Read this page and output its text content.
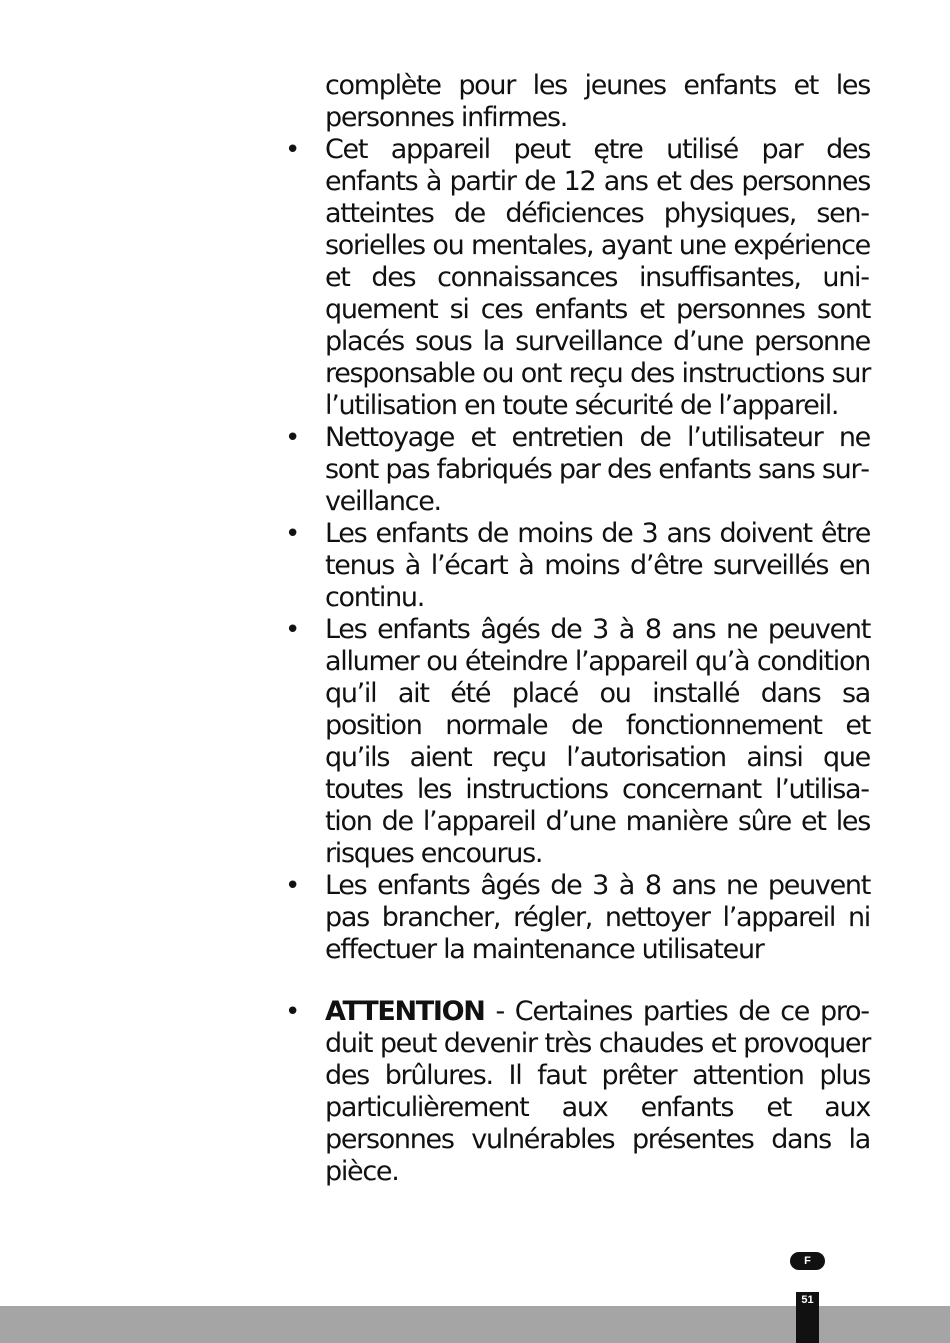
complète pour les jeunes enfants et les personnes infirmes.

• Cet appareil peut ętre utilisé par des enfants à partir de 12 ans et des personnes atteintes de déficiences physiques, sensorielles ou mentales, ayant une expérience et des connaissances insuffisantes, uniquement si ces enfants et personnes sont placés sous la surveillance d’une personne responsable ou ont reçu des instructions sur l’utilisation en toute sécurité de l’appareil.
• Nettoyage et entretien de l’utilisateur ne sont pas fabriqués par des enfants sans surveillance.
• Les enfants de moins de 3 ans doivent être tenus à l’écart à moins d’être surveillés en continu.
• Les enfants âgés de 3 à 8 ans ne peuvent allumer ou éteindre l’appareil qu’à condition qu’il ait été placé ou installé dans sa position normale de fonctionnement et qu’ils aient reçu l’autorisation ainsi que toutes les instructions concernant l’utilisation de l’appareil d’une manière sûre et les risques encourus.
• Les enfants âgés de 3 à 8 ans ne peuvent pas brancher, régler, nettoyer l’appareil ni effectuer la maintenance utilisateur
• ATTENTION - Certaines parties de ce produit peut devenir très chaudes et provoquer des brûlures. Il faut prêter attention plus particulièrement aux enfants et aux personnes vulnérables présentes dans la pièce.
F
51
